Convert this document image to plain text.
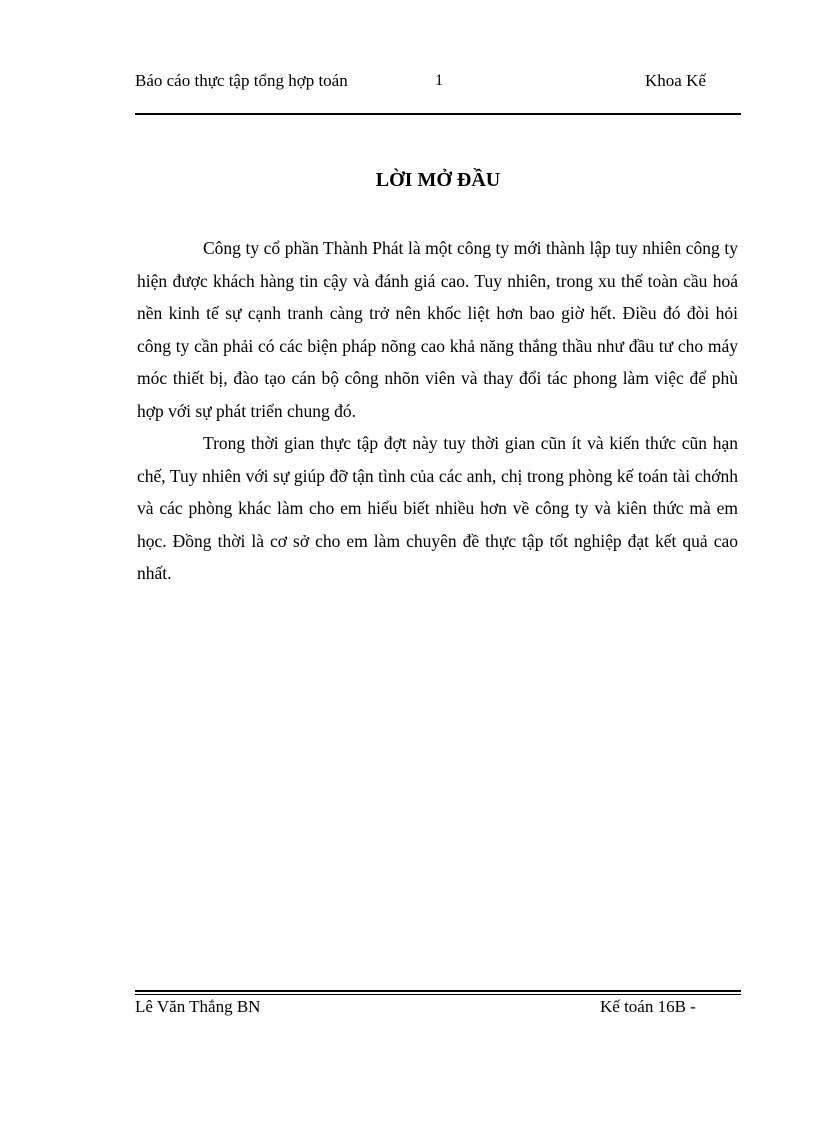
Báo cáo thực tập tổng hợp toán	1	Khoa Kế
LỜI MỞ ĐẦU

Công ty cổ phần Thành Phát là một công ty mới thành lập tuy nhiên công ty hiện được khách hàng tin cậy và đánh giá cao. Tuy nhiên, trong xu thế toàn cầu hoá nền kinh tế sự cạnh tranh càng trở nên khốc liệt hơn bao giờ hết. Điều đó đòi hỏi công ty cần phải có các biện pháp nõng cao khả năng thắng thầu như đầu tư cho máy móc thiết bị, đào tạo cán bộ công nhõn viên và thay đổi tác phong làm việc để phù hợp với sự phát triển chung đó.

Trong thời gian thực tập đợt này tuy thời gian cũn ít và kiến thức cũn hạn chế, Tuy nhiên với sự giúp đỡ tận tình của các anh, chị trong phòng kế toán tài chớnh và các phòng khác làm cho em hiểu biết nhiều hơn về công ty và kiên thức mà em học. Đồng thời là cơ sở cho em làm chuyên đề thực tập tốt nghiệp đạt kết quả cao nhất.

Lê Văn Thắng BN	Kế toán 16B -
